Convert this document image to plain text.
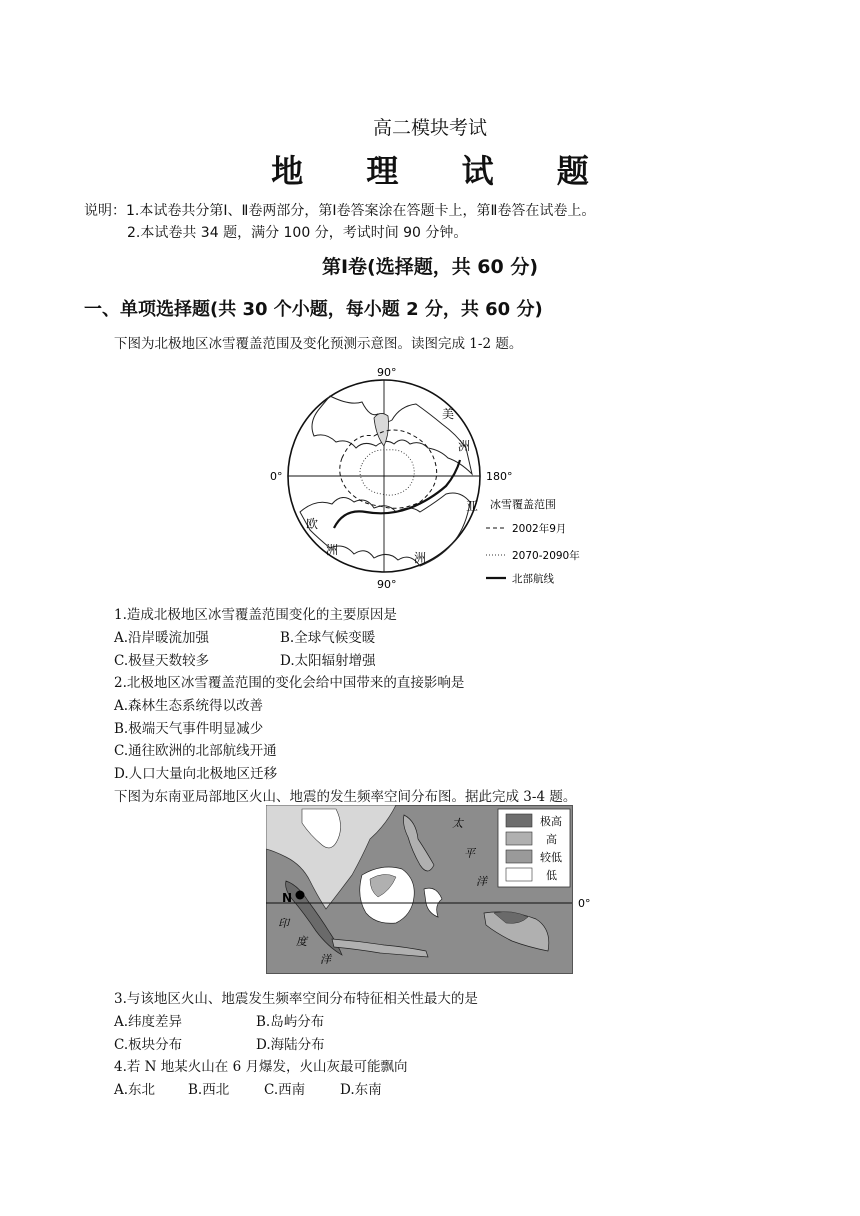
高二模块考试
地 理 试 题
说明：1.本试卷共分第Ⅰ、Ⅱ卷两部分，第Ⅰ卷答案涂在答题卡上，第Ⅱ卷答在试卷上。
2.本试卷共 34 题，满分 100 分，考试时间 90 分钟。
第Ⅰ卷(选择题，共 60 分)
一、单项选择题(共 30 个小题，每小题 2 分，共 60 分)
下图为北极地区冰雪覆盖范围及变化预测示意图。读图完成 1-2 题。
90°
90°
0°	180°
美
洲
亚
欧
洲
洲
冰雪覆盖范围
2002年9月
2070-2090年
北部航线
1.造成北极地区冰雪覆盖范围变化的主要原因是
A.沿岸暖流加强	B.全球气候变暖
C.极昼天数较多	D.太阳辐射增强
2.北极地区冰雪覆盖范围的变化会给中国带来的直接影响是
A.森林生态系统得以改善
B.极端天气事件明显减少
C.通往欧洲的北部航线开通
D.人口大量向北极地区迁移
下图为东南亚局部地区火山、地震的发生频率空间分布图。据此完成 3-4 题。
N	0°
太
平
洋
印
度
洋
极高
高
较低
低
3.与该地区火山、地震发生频率空间分布特征相关性最大的是
A.纬度差异	B.岛屿分布
C.板块分布	D.海陆分布
4.若 N 地某火山在 6 月爆发，火山灰最可能飘向
A.东北 B.西北	C.西南	D.东南
